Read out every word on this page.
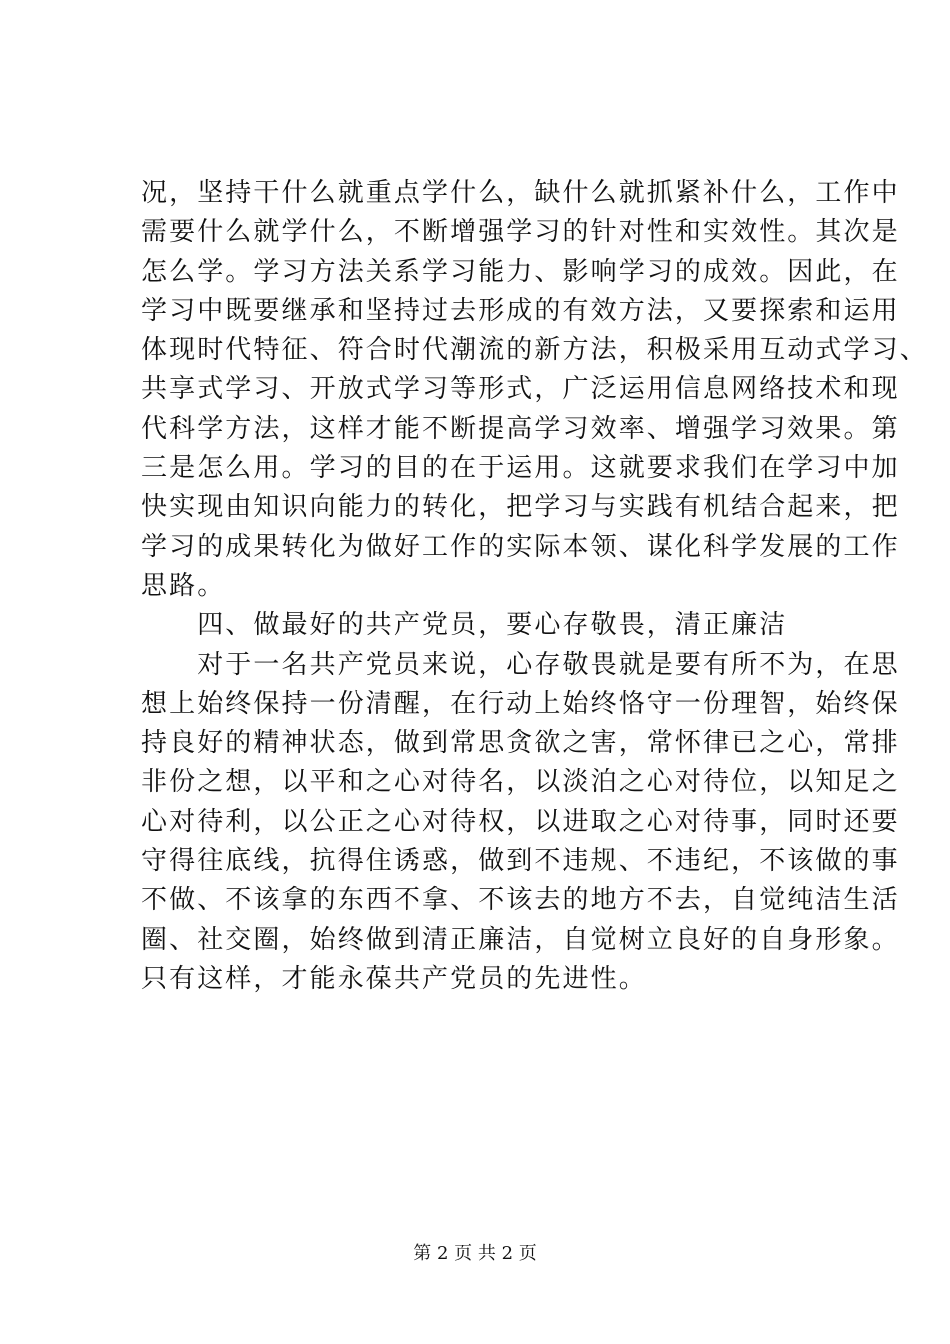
况，坚持干什么就重点学什么，缺什么就抓紧补什么，工作中
需要什么就学什么，不断增强学习的针对性和实效性。其次是
怎么学。学习方法关系学习能力、影响学习的成效。因此，在
学习中既要继承和坚持过去形成的有效方法，又要探索和运用
体现时代特征、符合时代潮流的新方法，积极采用互动式学习、
共享式学习、开放式学习等形式，广泛运用信息网络技术和现
代科学方法，这样才能不断提高学习效率、增强学习效果。第
三是怎么用。学习的目的在于运用。这就要求我们在学习中加
快实现由知识向能力的转化，把学习与实践有机结合起来，把
学习的成果转化为做好工作的实际本领、谋化科学发展的工作
思路。
　　四、做最好的共产党员，要心存敬畏，清正廉洁
　　对于一名共产党员来说，心存敬畏就是要有所不为，在思
想上始终保持一份清醒，在行动上始终恪守一份理智，始终保
持良好的精神状态，做到常思贪欲之害，常怀律已之心，常排
非份之想，以平和之心对待名，以淡泊之心对待位，以知足之
心对待利，以公正之心对待权，以进取之心对待事，同时还要
守得往底线，抗得住诱惑，做到不违规、不违纪，不该做的事
不做、不该拿的东西不拿、不该去的地方不去，自觉纯洁生活
圈、社交圈，始终做到清正廉洁，自觉树立良好的自身形象。
只有这样，才能永葆共产党员的先进性。
第 2 页 共 2 页
